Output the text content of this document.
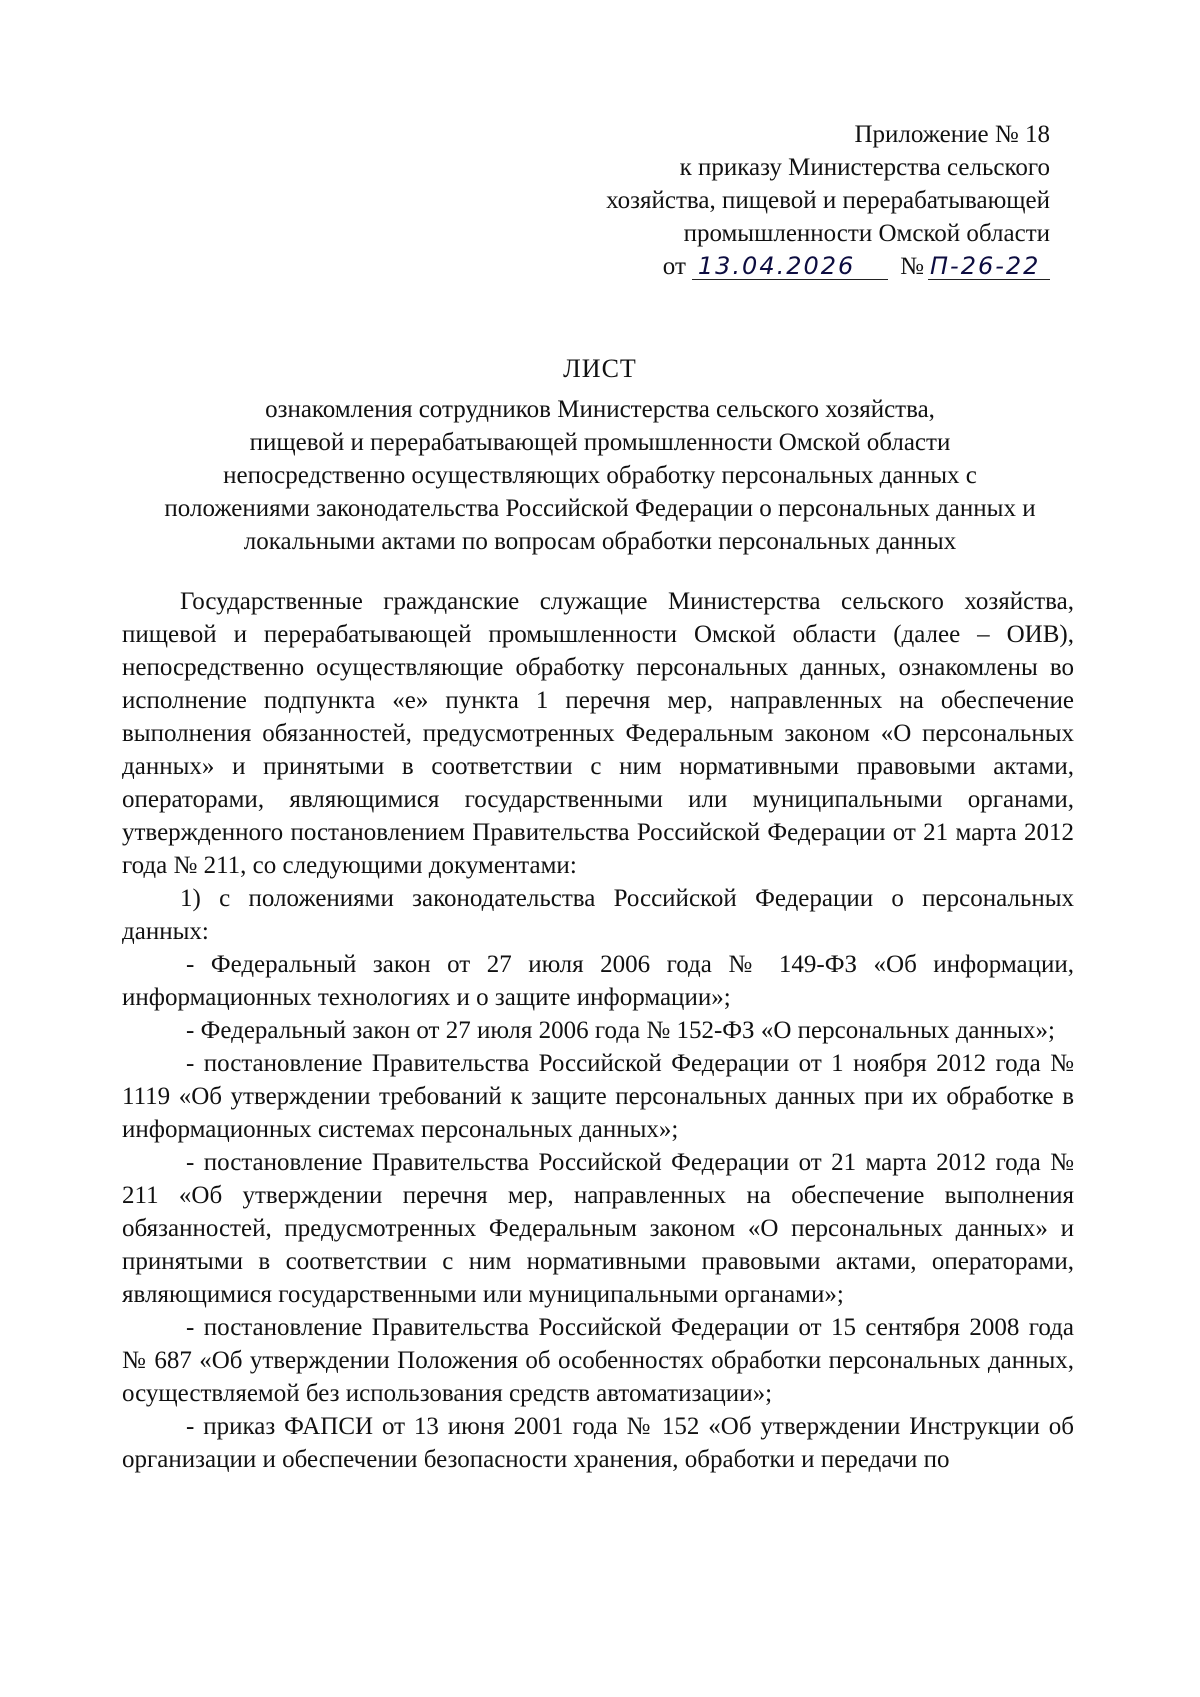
Приложение № 18
к приказу Министерства сельского
хозяйства, пищевой и перерабатывающей
промышленности Омской области
от 13.04.2026 № П-26-22
ЛИСТ
ознакомления сотрудников Министерства сельского хозяйства,
пищевой и перерабатывающей промышленности Омской области
непосредственно осуществляющих обработку персональных данных с
положениями законодательства Российской Федерации о персональных данных и
локальными актами по вопросам обработки персональных данных

Государственные гражданские служащие Министерства сельского хозяйства, пищевой и перерабатывающей промышленности Омской области (далее – ОИВ), непосредственно осуществляющие обработку персональных данных, ознакомлены во исполнение подпункта «е» пункта 1 перечня мер, направленных на обеспечение выполнения обязанностей, предусмотренных Федеральным законом «О персональных данных» и принятыми в соответствии с ним нормативными правовыми актами, операторами, являющимися государственными или муниципальными органами, утвержденного постановлением Правительства Российской Федерации от 21 марта 2012 года № 211, со следующими документами:

1) с положениями законодательства Российской Федерации о персональных данных:

- Федеральный закон от 27 июля 2006 года № 149-ФЗ «Об информации, информационных технологиях и о защите информации»;

- Федеральный закон от 27 июля 2006 года № 152-ФЗ «О персональных данных»;

- постановление Правительства Российской Федерации от 1 ноября 2012 года № 1119 «Об утверждении требований к защите персональных данных при их обработке в информационных системах персональных данных»;

- постановление Правительства Российской Федерации от 21 марта 2012 года № 211 «Об утверждении перечня мер, направленных на обеспечение выполнения обязанностей, предусмотренных Федеральным законом «О персональных данных» и принятыми в соответствии с ним нормативными правовыми актами, операторами, являющимися государственными или муниципальными органами»;

- постановление Правительства Российской Федерации от 15 сентября 2008 года № 687 «Об утверждении Положения об особенностях обработки персональных данных, осуществляемой без использования средств автоматизации»;

- приказ ФАПСИ от 13 июня 2001 года № 152 «Об утверждении Инструкции об организации и обеспечении безопасности хранения, обработки и передачи по
